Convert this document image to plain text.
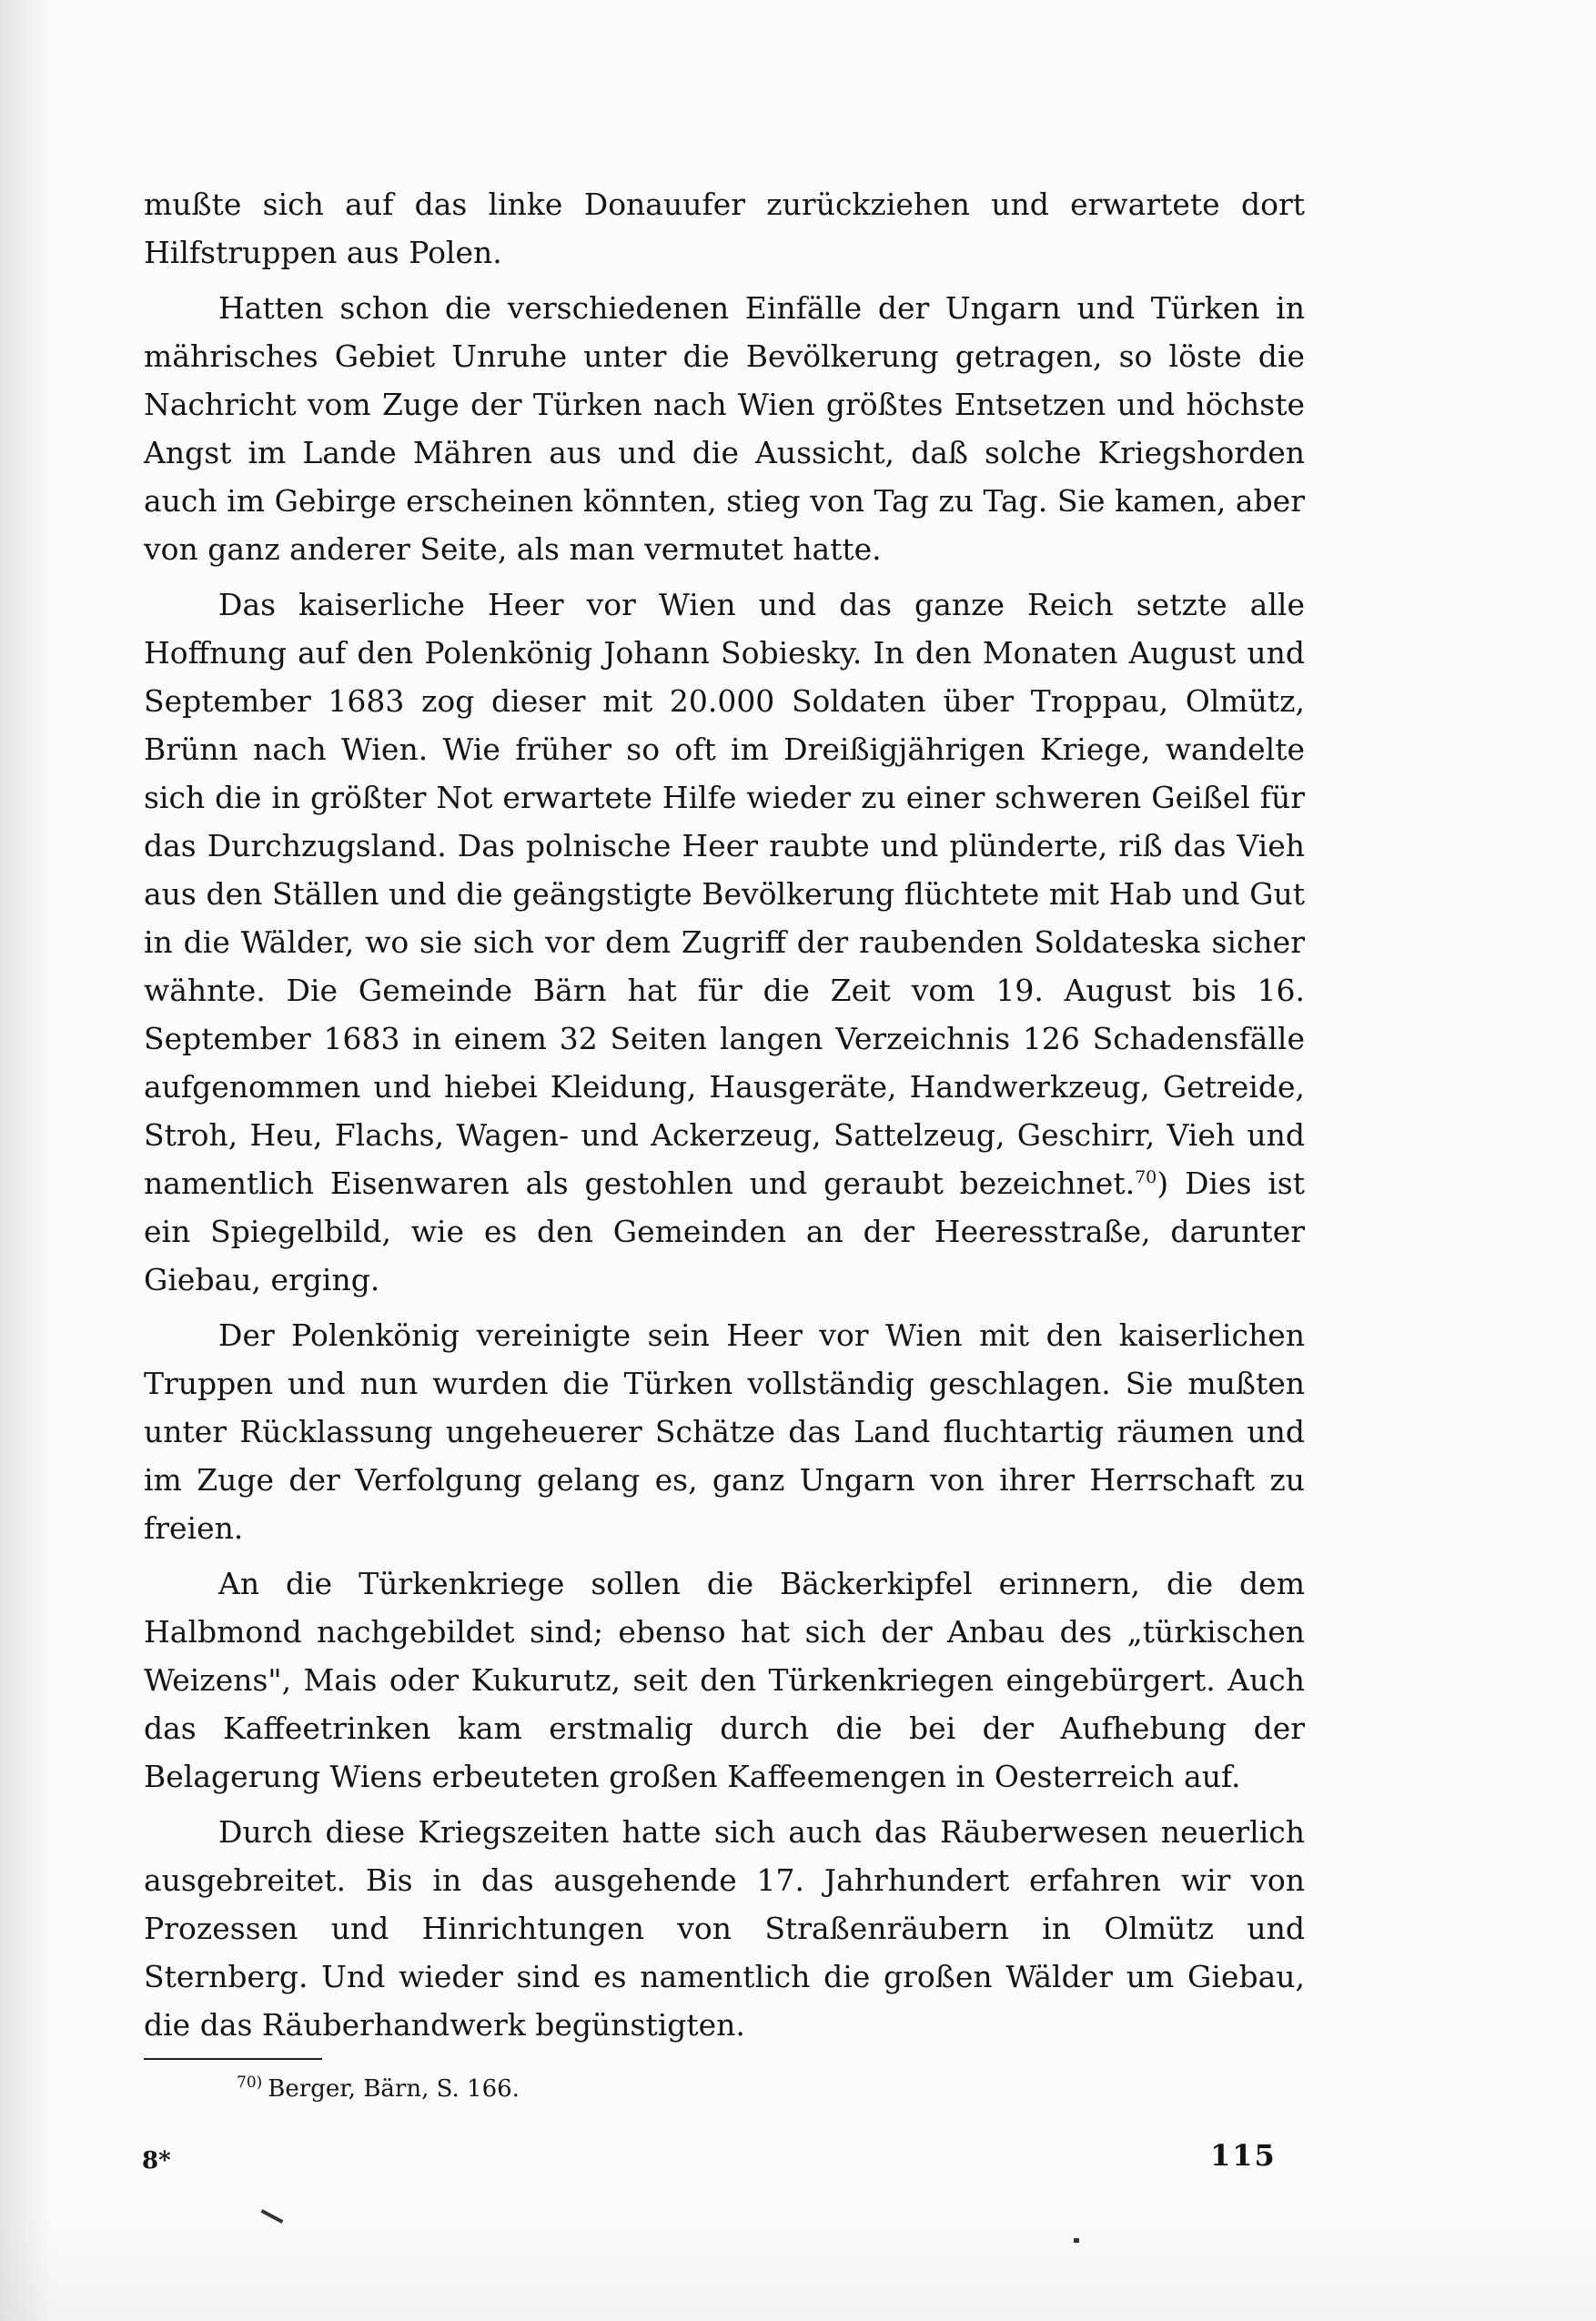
mußte sich auf das linke Donauufer zurückziehen und erwartete dort Hilfstruppen aus Polen.

Hatten schon die verschiedenen Einfälle der Ungarn und Türken in mährisches Gebiet Unruhe unter die Bevölkerung getragen, so löste die Nachricht vom Zuge der Türken nach Wien größtes Entsetzen und höchste Angst im Lande Mähren aus und die Aussicht, daß solche Kriegshorden auch im Gebirge erscheinen könnten, stieg von Tag zu Tag. Sie kamen, aber von ganz anderer Seite, als man vermutet hatte.

Das kaiserliche Heer vor Wien und das ganze Reich setzte alle Hoffnung auf den Polenkönig Johann Sobiesky. In den Monaten August und September 1683 zog dieser mit 20.000 Soldaten über Troppau, Olmütz, Brünn nach Wien. Wie früher so oft im Dreißigjährigen Kriege, wandelte sich die in größter Not erwartete Hilfe wieder zu einer schweren Geißel für das Durchzugsland. Das polnische Heer raubte und plünderte, riß das Vieh aus den Ställen und die geängstigte Bevölkerung flüchtete mit Hab und Gut in die Wälder, wo sie sich vor dem Zugriff der raubenden Soldateska sicher wähnte. Die Gemeinde Bärn hat für die Zeit vom 19. August bis 16. September 1683 in einem 32 Seiten langen Verzeichnis 126 Schadensfälle aufgenommen und hiebei Kleidung, Hausgeräte, Handwerkzeug, Getreide, Stroh, Heu, Flachs, Wagen- und Ackerzeug, Sattelzeug, Geschirr, Vieh und namentlich Eisenwaren als gestohlen und geraubt bezeichnet.$^{70}$) Dies ist ein Spiegelbild, wie es den Gemeinden an der Heeresstraße, darunter Giebau, erging.

Der Polenkönig vereinigte sein Heer vor Wien mit den kaiserlichen Truppen und nun wurden die Türken vollständig geschlagen. Sie mußten unter Rücklassung ungeheuerer Schätze das Land fluchtartig räumen und im Zuge der Verfolgung gelang es, ganz Ungarn von ihrer Herrschaft zu freien.

An die Türkenkriege sollen die Bäckerkipfel erinnern, die dem Halbmond nachgebildet sind; ebenso hat sich der Anbau des „türkischen Weizens", Mais oder Kukurutz, seit den Türkenkriegen eingebürgert. Auch das Kaffeetrinken kam erstmalig durch die bei der Aufhebung der Belagerung Wiens erbeuteten großen Kaffeemengen in Oesterreich auf.

Durch diese Kriegszeiten hatte sich auch das Räuberwesen neuerlich ausgebreitet. Bis in das ausgehende 17. Jahrhundert erfahren wir von Prozessen und Hinrichtungen von Straßenräubern in Olmütz und Sternberg. Und wieder sind es namentlich die großen Wälder um Giebau, die das Räuberhandwerk begünstigten.

$^{70)}$ Berger, Bärn, S. 166.

8*	115
